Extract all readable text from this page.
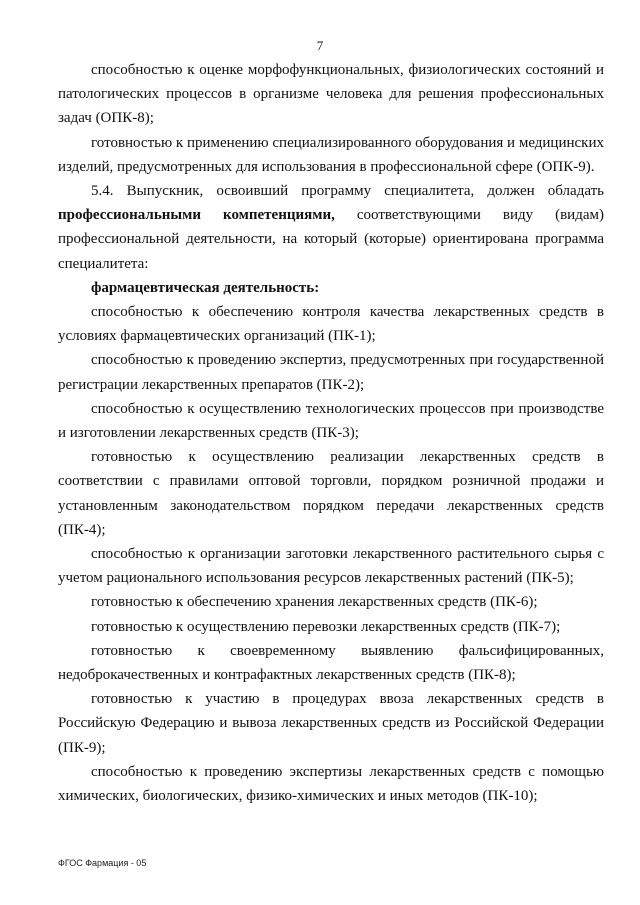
7

способностью к оценке морфофункциональных, физиологических состояний и патологических процессов в организме человека для решения профессиональных задач (ОПК-8);

готовностью к применению специализированного оборудования и медицинских изделий, предусмотренных для использования в профессиональной сфере (ОПК-9).

5.4. Выпускник, освоивший программу специалитета, должен обладать профессиональными компетенциями, соответствующими виду (видам) профессиональной деятельности, на который (которые) ориентирована программа специалитета:

фармацевтическая деятельность:

способностью к обеспечению контроля качества лекарственных средств в условиях фармацевтических организаций (ПК-1);

способностью к проведению экспертиз, предусмотренных при государственной регистрации лекарственных препаратов (ПК-2);

способностью к осуществлению технологических процессов при производстве и изготовлении лекарственных средств (ПК-3);

готовностью к осуществлению реализации лекарственных средств в соответствии с правилами оптовой торговли, порядком розничной продажи и установленным законодательством порядком передачи лекарственных средств (ПК-4);

способностью к организации заготовки лекарственного растительного сырья с учетом рационального использования ресурсов лекарственных растений (ПК-5);

готовностью к обеспечению хранения лекарственных средств (ПК-6);

готовностью к осуществлению перевозки лекарственных средств (ПК-7);

готовностью к своевременному выявлению фальсифицированных, недоброкачественных и контрафактных лекарственных средств (ПК-8);

готовностью к участию в процедурах ввоза лекарственных средств в Российскую Федерацию и вывоза лекарственных средств из Российской Федерации (ПК-9);

способностью к проведению экспертизы лекарственных средств с помощью химических, биологических, физико-химических и иных методов (ПК-10);

ФГОС Фармация - 05
